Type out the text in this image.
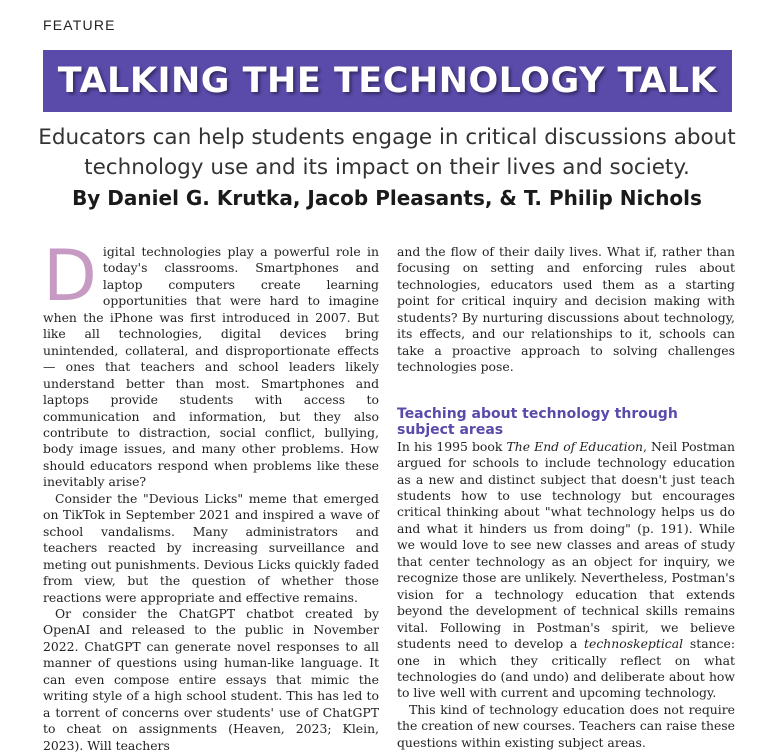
FEATURE
TALKING THE TECHNOLOGY TALK
Educators can help students engage in critical discussions about technology use and its impact on their lives and society.
By Daniel G. Krutka, Jacob Pleasants, & T. Philip Nichols

Digital technologies play a powerful role in today's classrooms. Smartphones and laptop computers create learning opportunities that were hard to imagine when the iPhone was first introduced in 2007. But like all technologies, digital devices bring unintended, collateral, and disproportionate effects — ones that teachers and school leaders likely understand better than most. Smartphones and laptops provide students with access to communication and information, but they also contribute to distraction, social conflict, bullying, body image issues, and many other problems. How should educators respond when problems like these inevitably arise?

Consider the "Devious Licks" meme that emerged on TikTok in September 2021 and inspired a wave of school vandalisms. Many administrators and teachers reacted by increasing surveillance and meting out punishments. Devious Licks quickly faded from view, but the question of whether those reactions were appropriate and effective remains.

Or consider the ChatGPT chatbot created by OpenAI and released to the public in November 2022. ChatGPT can generate novel responses to all manner of questions using human-like language. It can even compose entire essays that mimic the writing style of a high school student. This has led to a torrent of concerns over students' use of ChatGPT to cheat on assignments (Heaven, 2023; Klein, 2023). Will teachers

and the flow of their daily lives. What if, rather than focusing on setting and enforcing rules about technologies, educators used them as a starting point for critical inquiry and decision making with students? By nurturing discussions about technology, its effects, and our relationships to it, schools can take a proactive approach to solving challenges technologies pose.

Teaching about technology through subject areas

In his 1995 book The End of Education, Neil Postman argued for schools to include technology education as a new and distinct subject that doesn't just teach students how to use technology but encourages critical thinking about "what technology helps us do and what it hinders us from doing" (p. 191). While we would love to see new classes and areas of study that center technology as an object for inquiry, we recognize those are unlikely. Nevertheless, Postman's vision for a technology education that extends beyond the development of technical skills remains vital. Following in Postman's spirit, we believe students need to develop a technoskeptical stance: one in which they critically reflect on what technologies do (and undo) and deliberate about how to live well with current and upcoming technology.

This kind of technology education does not require the creation of new courses. Teachers can raise these questions within existing subject areas.
